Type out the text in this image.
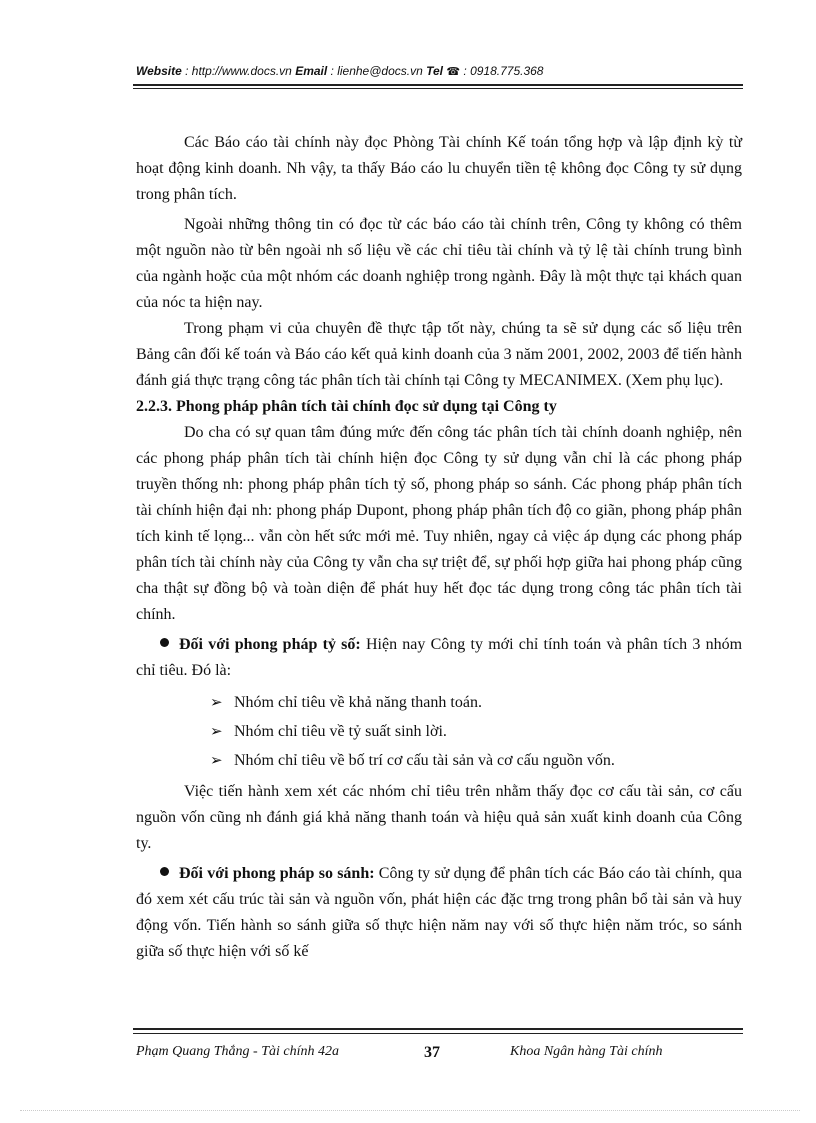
Website : http://www.docs.vn Email : lienhe@docs.vn Tel ☎ : 0918.775.368

Các Báo cáo tài chính này đọc Phòng Tài chính Kế toán tổng hợp và lập định kỳ từ hoạt động kinh doanh. Nh vậy, ta thấy Báo cáo lu chuyển tiền tệ không đọc Công ty sử dụng trong phân tích.

Ngoài những thông tin có đọc từ các báo cáo tài chính trên, Công ty không có thêm một nguồn nào từ bên ngoài nh số liệu về các chỉ tiêu tài chính và tỷ lệ tài chính trung bình của ngành hoặc của một nhóm các doanh nghiệp trong ngành. Đây là một thực tại khách quan của nóc ta hiện nay.

Trong phạm vi của chuyên đề thực tập tốt này, chúng ta sẽ sử dụng các số liệu trên Bảng cân đối kế toán và Báo cáo kết quả kinh doanh của 3 năm 2001, 2002, 2003 để tiến hành đánh giá thực trạng công tác phân tích tài chính tại Công ty MECANIMEX. (Xem phụ lục).

2.2.3. Phong pháp phân tích tài chính đọc sử dụng tại Công ty

Do cha có sự quan tâm đúng mức đến công tác phân tích tài chính doanh nghiệp, nên các phong pháp phân tích tài chính hiện đọc Công ty sử dụng vẫn chỉ là các phong pháp truyền thống nh: phong pháp phân tích tỷ số, phong pháp so sánh. Các phong pháp phân tích tài chính hiện đại nh: phong pháp Dupont, phong pháp phân tích độ co giãn, phong pháp phân tích kinh tế lọng... vẫn còn hết sức mới mẻ. Tuy nhiên, ngay cả việc áp dụng các phong pháp phân tích tài chính này của Công ty vẫn cha sự triệt để, sự phối hợp giữa hai phong pháp cũng cha thật sự đồng bộ và toàn diện để phát huy hết đọc tác dụng trong công tác phân tích tài chính.

Đối với phong pháp tỷ số: Hiện nay Công ty mới chỉ tính toán và phân tích 3 nhóm chỉ tiêu. Đó là:

➢ Nhóm chỉ tiêu về khả năng thanh toán.
➢ Nhóm chỉ tiêu về tỷ suất sinh lời.
➢ Nhóm chỉ tiêu về bố trí cơ cấu tài sản và cơ cấu nguồn vốn.

Việc tiến hành xem xét các nhóm chỉ tiêu trên nhằm thấy đọc cơ cấu tài sản, cơ cấu nguồn vốn cũng nh đánh giá khả năng thanh toán và hiệu quả sản xuất kinh doanh của Công ty.

Đối với phong pháp so sánh: Công ty sử dụng để phân tích các Báo cáo tài chính, qua đó xem xét cấu trúc tài sản và nguồn vốn, phát hiện các đặc trng trong phân bổ tài sản và huy động vốn. Tiến hành so sánh giữa số thực hiện năm nay với số thực hiện năm tróc, so sánh giữa số thực hiện với số kế

Phạm Quang Thắng - Tài chính 42a	37	Khoa Ngân hàng Tài chính
